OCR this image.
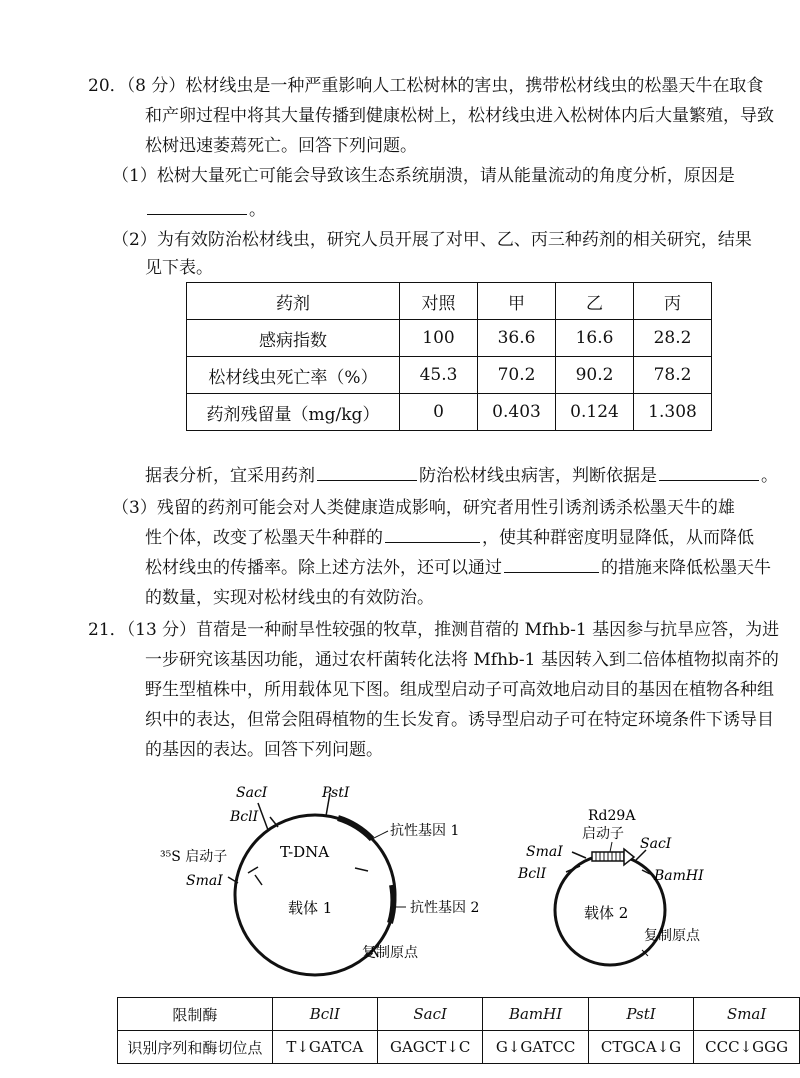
20．（8 分）松材线虫是一种严重影响人工松树林的害虫，携带松材线虫的松墨天牛在取食
和产卵过程中将其大量传播到健康松树上，松材线虫进入松树体内后大量繁殖，导致
松树迅速萎蔫死亡。回答下列问题。
（1）松树大量死亡可能会导致该生态系统崩溃，请从能量流动的角度分析，原因是
。
（2）为有效防治松材线虫，研究人员开展了对甲、乙、丙三种药剂的相关研究，结果
见下表。
药剂	对照	甲	乙	丙
感病指数	100	36.6	16.6	28.2
松材线虫死亡率（%）	45.3	70.2	90.2	78.2
药剂残留量（mg/kg）	0	0.403	0.124	1.308
据表分析，宜采用药剂	防治松材线虫病害，判断依据是	。
（3）残留的药剂可能会对人类健康造成影响，研究者用性引诱剂诱杀松墨天牛的雄
性个体，改变了松墨天牛种群的	，使其种群密度明显降低，从而降低
松材线虫的传播率。除上述方法外，还可以通过	的措施来降低松墨天牛
的数量，实现对松材线虫的有效防治。
21．（13 分）苜蓿是一种耐旱性较强的牧草，推测苜蓿的 Mfhb-1 基因参与抗旱应答，为进
一步研究该基因功能，通过农杆菌转化法将 Mfhb-1 基因转入到二倍体植物拟南芥的
野生型植株中，所用载体见下图。组成型启动子可高效地启动目的基因在植物各种组
织中的表达，但常会阻碍植物的生长发育。诱导型启动子可在特定环境条件下诱导目
的基因的表达。回答下列问题。
SacI
BclI
PstI
T-DNA
³⁵S 启动子
SmaI
抗性基因 1
抗性基因 2
载体 1
复制原点
Rd29A
启动子
SmaI
BclI
SacI
BamHI
载体 2
复制原点
限制酶	BclI	SacI	BamHI	PstI	SmaI
识别序列和酶切位点	T↓GATCA	GAGCT↓C	G↓GATCC	CTGCA↓G	CCC↓GGG
